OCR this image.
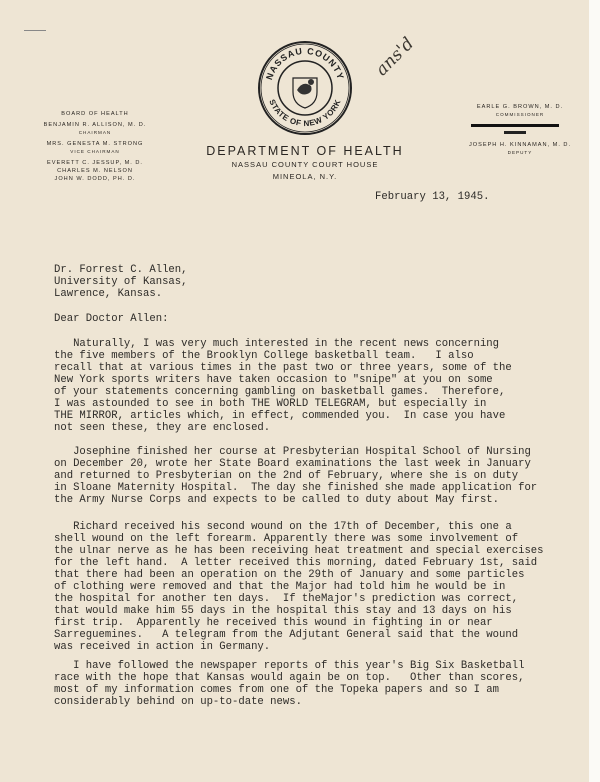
BOARD OF HEALTH
BENJAMIN R. ALLISON, M. D.
CHAIRMAN
MRS. GENESTA M. STRONG
VICE CHAIRMAN
EVERETT C. JESSUP, M. D.
CHARLES M. NELSON
JOHN W. DODD, PH. D.
NASSAU COUNTY
STATE OF NEW YORK
ans'd
DEPARTMENT OF HEALTH
NASSAU COUNTY COURT HOUSE
MINEOLA, N.Y.
EARLE G. BROWN, M. D.
COMMISSIONER
JOSEPH H. KINNAMAN, M. D.
DEPUTY
February 13, 1945.
Dr. Forrest C. Allen,
University of Kansas,
Lawrence, Kansas.
Dear Doctor Allen:
Naturally, I was very much interested in the recent news concerning
the five members of the Brooklyn College basketball team.   I also
recall that at various times in the past two or three years, some of the
New York sports writers have taken occasion to "snipe" at you on some
of your statements concerning gambling on basketball games.  Therefore,
I was astounded to see in both THE WORLD TELEGRAM, but especially in
THE MIRROR, articles which, in effect, commended you.  In case you have
not seen these, they are enclosed.
Josephine finished her course at Presbyterian Hospital School of Nursing
on December 20, wrote her State Board examinations the last week in January
and returned to Presbyterian on the 2nd of February, where she is on duty
in Sloane Maternity Hospital.  The day she finished she made application for
the Army Nurse Corps and expects to be called to duty about May first.
Richard received his second wound on the 17th of December, this one a
shell wound on the left forearm. Apparently there was some involvement of
the ulnar nerve as he has been receiving heat treatment and special exercises
for the left hand.  A letter received this morning, dated February 1st, said
that there had been an operation on the 29th of January and some particles
of clothing were removed and that the Major had told him he would be in
the hospital for another ten days.  If theMajor's prediction was correct,
that would make him 55 days in the hospital this stay and 13 days on his
first trip.  Apparently he received this wound in fighting in or near
Sarreguemines.   A telegram from the Adjutant General said that the wound
was received in action in Germany.
I have followed the newspaper reports of this year's Big Six Basketball
race with the hope that Kansas would again be on top.   Other than scores,
most of my information comes from one of the Topeka papers and so I am
considerably behind on up-to-date news.
